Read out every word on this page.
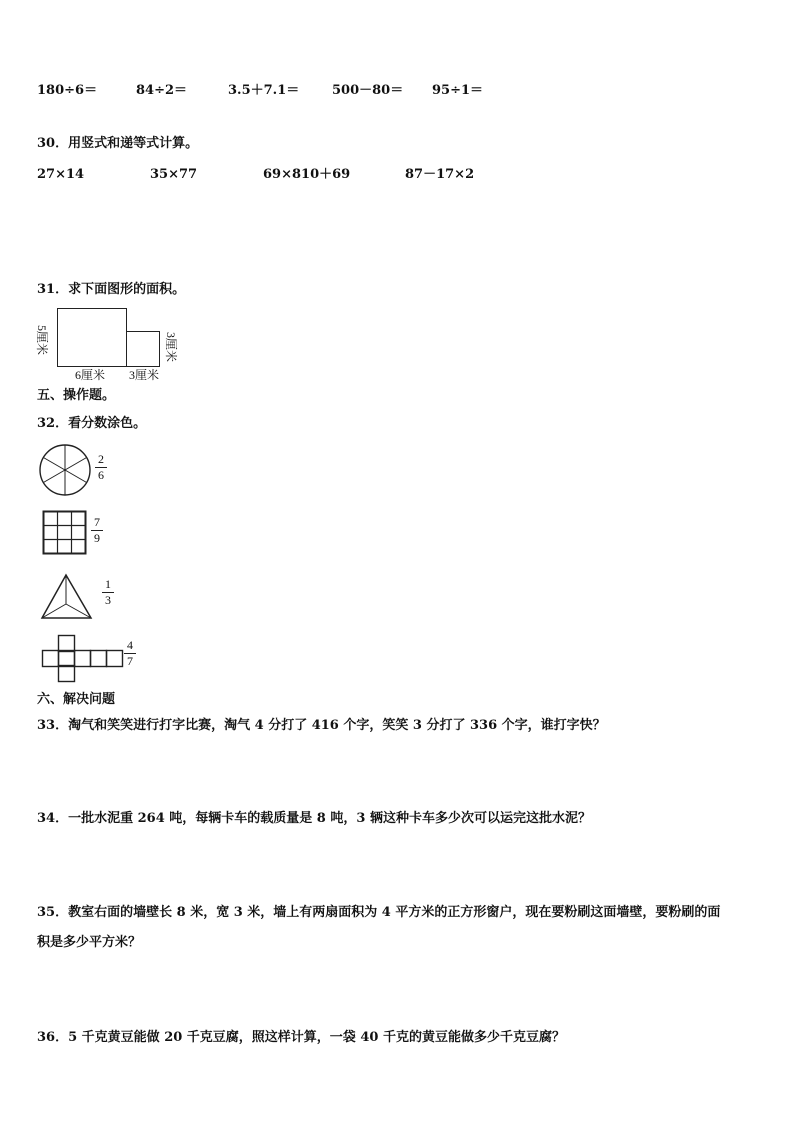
180÷6＝	84÷2＝	3.5＋7.1＝	500－80＝ 95÷1＝
30．用竖式和递等式计算。
27×14	35×77	69×810＋69	87－17×2
31．求下面图形的面积。
5厘米	3厘米
6厘米 3厘米
五、操作题。
32．看分数涂色。
2
6
7
9
1
3
4
7
六、解决问题
33．淘气和笑笑进行打字比赛，淘气 4 分打了 416 个字，笑笑 3 分打了 336 个字，谁打字快？
34．一批水泥重 264 吨，每辆卡车的载质量是 8 吨，3 辆这种卡车多少次可以运完这批水泥？
35．教室右面的墙壁长 8 米，宽 3 米，墙上有两扇面积为 4 平方米的正方形窗户，现在要粉刷这面墙壁，要粉刷的面
积是多少平方米？
36．5 千克黄豆能做 20 千克豆腐，照这样计算，一袋 40 千克的黄豆能做多少千克豆腐？
